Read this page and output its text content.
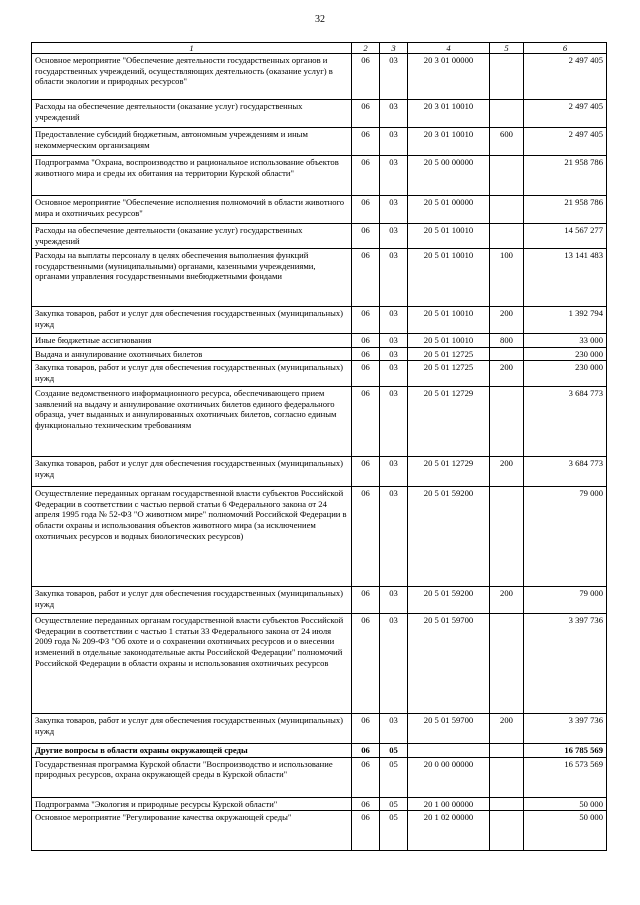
32
1	2	3	4	5	6
Основное мероприятие "Обеспечение деятельности государственных органов и государственных учреждений, осуществляющих деятельность (оказание услуг) в области экологии и природных ресурсов"	06	03	20 3 01 00000		2 497 405
Расходы на обеспечение деятельности (оказание услуг) государственных учреждений	06	03	20 3 01 10010		2 497 405
Предоставление субсидий бюджетным, автономным учреждениям и иным некоммерческим организациям	06	03	20 3 01 10010	600	2 497 405
Подпрограмма "Охрана, воспроизводство и рациональное использование объектов животного мира и среды их обитания на территории Курской области"	06	03	20 5 00 00000		21 958 786
Основное мероприятие "Обеспечение исполнения полномочий в области животного мира и охотничьих ресурсов"	06	03	20 5 01 00000		21 958 786
Расходы на обеспечение деятельности (оказание услуг) государственных учреждений	06	03	20 5 01 10010		14 567 277
Расходы на выплаты персоналу в целях обеспечения выполнения функций государственными (муниципальными) органами, казенными учреждениями, органами управления государственными внебюджетными фондами	06	03	20 5 01 10010	100	13 141 483
Закупка товаров, работ и услуг для обеспечения государственных (муниципальных) нужд	06	03	20 5 01 10010	200	1 392 794
Иные бюджетные ассигнования	06	03	20 5 01 10010	800	33 000
Выдача и аннулирование охотничьих билетов	06	03	20 5 01 12725		230 000
Закупка товаров, работ и услуг для обеспечения государственных (муниципальных) нужд	06	03	20 5 01 12725	200	230 000
Создание ведомственного информационного ресурса, обеспечивающего прием заявлений на выдачу и аннулирование охотничьих билетов единого федерального образца, учет выданных и аннулированных охотничьих билетов, согласно единым функционально техническим требованиям	06	03	20 5 01 12729		3 684 773
Закупка товаров, работ и услуг для обеспечения государственных (муниципальных) нужд	06	03	20 5 01 12729	200	3 684 773
Осуществление переданных органам государственной власти субъектов Российской Федерации в соответствии с частью первой статьи 6 Федерального закона от 24 апреля 1995 года № 52-ФЗ "О животном мире" полномочий Российской Федерации в области охраны и использования объектов животного мира (за исключением охотничьих ресурсов и водных биологических ресурсов)	06	03	20 5 01 59200		79 000
Закупка товаров, работ и услуг для обеспечения государственных (муниципальных) нужд	06	03	20 5 01 59200	200	79 000
Осуществление переданных органам государственной власти субъектов Российской Федерации в соответствии с частью 1 статьи 33 Федерального закона от 24 июля 2009 года № 209-ФЗ "Об охоте и о сохранении охотничьих ресурсов и о внесении изменений в отдельные законодательные акты Российской Федерации" полномочий Российской Федерации в области охраны и использования охотничьих ресурсов	06	03	20 5 01 59700		3 397 736
Закупка товаров, работ и услуг для обеспечения государственных (муниципальных) нужд	06	03	20 5 01 59700	200	3 397 736
Другие вопросы в области охраны окружающей среды	06	05			16 785 569
Государственная программа Курской области "Воспроизводство и использование природных ресурсов, охрана окружающей среды в Курской области"	06	05	20 0 00 00000		16 573 569
Подпрограмма "Экология и природные ресурсы Курской области"	06	05	20 1 00 00000		50 000
Основное мероприятие "Регулирование качества окружающей среды"	06	05	20 1 02 00000		50 000
